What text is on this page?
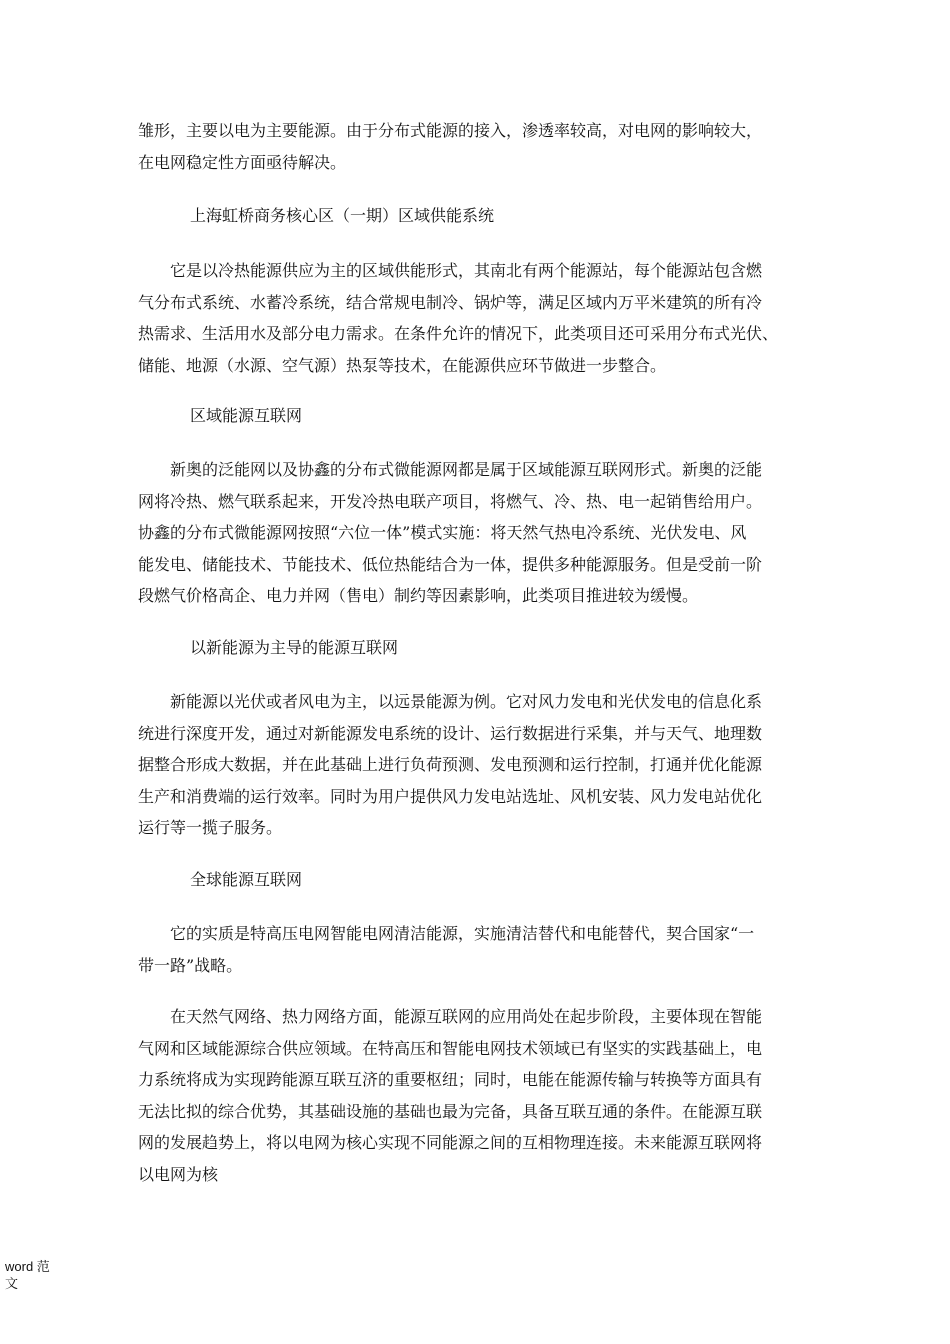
雏形，主要以电为主要能源。由于分布式能源的接入，渗透率较高，对电网的影响较大，
在电网稳定性方面亟待解决。
上海虹桥商务核心区（一期）区域供能系统
　　它是以冷热能源供应为主的区域供能形式，其南北有两个能源站，每个能源站包含燃
气分布式系统、水蓄冷系统，结合常规电制冷、锅炉等，满足区域内万平米建筑的所有冷
热需求、生活用水及部分电力需求。在条件允许的情况下，此类项目还可采用分布式光伏、
储能、地源（水源、空气源）热泵等技术，在能源供应环节做进一步整合。
区域能源互联网
　　新奥的泛能网以及协鑫的分布式微能源网都是属于区域能源互联网形式。新奥的泛能
网将冷热、燃气联系起来，开发冷热电联产项目，将燃气、冷、热、电一起销售给用户。
协鑫的分布式微能源网按照“六位一体”模式实施：将天然气热电冷系统、光伏发电、风
能发电、储能技术、节能技术、低位热能结合为一体，提供多种能源服务。但是受前一阶
段燃气价格高企、电力并网（售电）制约等因素影响，此类项目推进较为缓慢。
以新能源为主导的能源互联网
　　新能源以光伏或者风电为主，以远景能源为例。它对风力发电和光伏发电的信息化系
统进行深度开发，通过对新能源发电系统的设计、运行数据进行采集，并与天气、地理数
据整合形成大数据，并在此基础上进行负荷预测、发电预测和运行控制，打通并优化能源
生产和消费端的运行效率。同时为用户提供风力发电站选址、风机安装、风力发电站优化
运行等一揽子服务。
全球能源互联网
　　它的实质是特高压电网智能电网清洁能源，实施清洁替代和电能替代，契合国家“一
带一路”战略。
　　在天然气网络、热力网络方面，能源互联网的应用尚处在起步阶段，主要体现在智能
气网和区域能源综合供应领域。在特高压和智能电网技术领域已有坚实的实践基础上，电
力系统将成为实现跨能源互联互济的重要枢纽；同时，电能在能源传输与转换等方面具有
无法比拟的综合优势，其基础设施的基础也最为完备，具备互联互通的条件。在能源互联
网的发展趋势上，将以电网为核心实现不同能源之间的互相物理连接。未来能源互联网将
以电网为核
word 范
文
